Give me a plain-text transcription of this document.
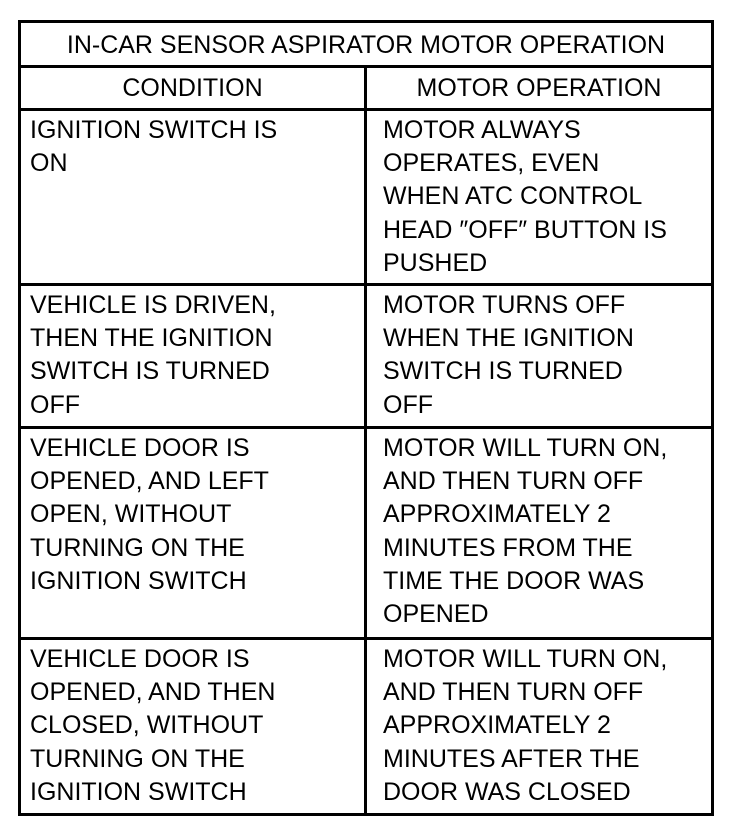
IN-CAR SENSOR ASPIRATOR MOTOR OPERATION
CONDITION	MOTOR OPERATION
IGNITION SWITCH IS
ON
MOTOR ALWAYS
OPERATES, EVEN
WHEN ATC CONTROL
HEAD ″OFF″ BUTTON IS
PUSHED
VEHICLE IS DRIVEN,
THEN THE IGNITION
SWITCH IS TURNED
OFF
MOTOR TURNS OFF
WHEN THE IGNITION
SWITCH IS TURNED
OFF
VEHICLE DOOR IS
OPENED, AND LEFT
OPEN, WITHOUT
TURNING ON THE
IGNITION SWITCH
MOTOR WILL TURN ON,
AND THEN TURN OFF
APPROXIMATELY 2
MINUTES FROM THE
TIME THE DOOR WAS
OPENED
VEHICLE DOOR IS
OPENED, AND THEN
CLOSED, WITHOUT
TURNING ON THE
IGNITION SWITCH
MOTOR WILL TURN ON,
AND THEN TURN OFF
APPROXIMATELY 2
MINUTES AFTER THE
DOOR WAS CLOSED
